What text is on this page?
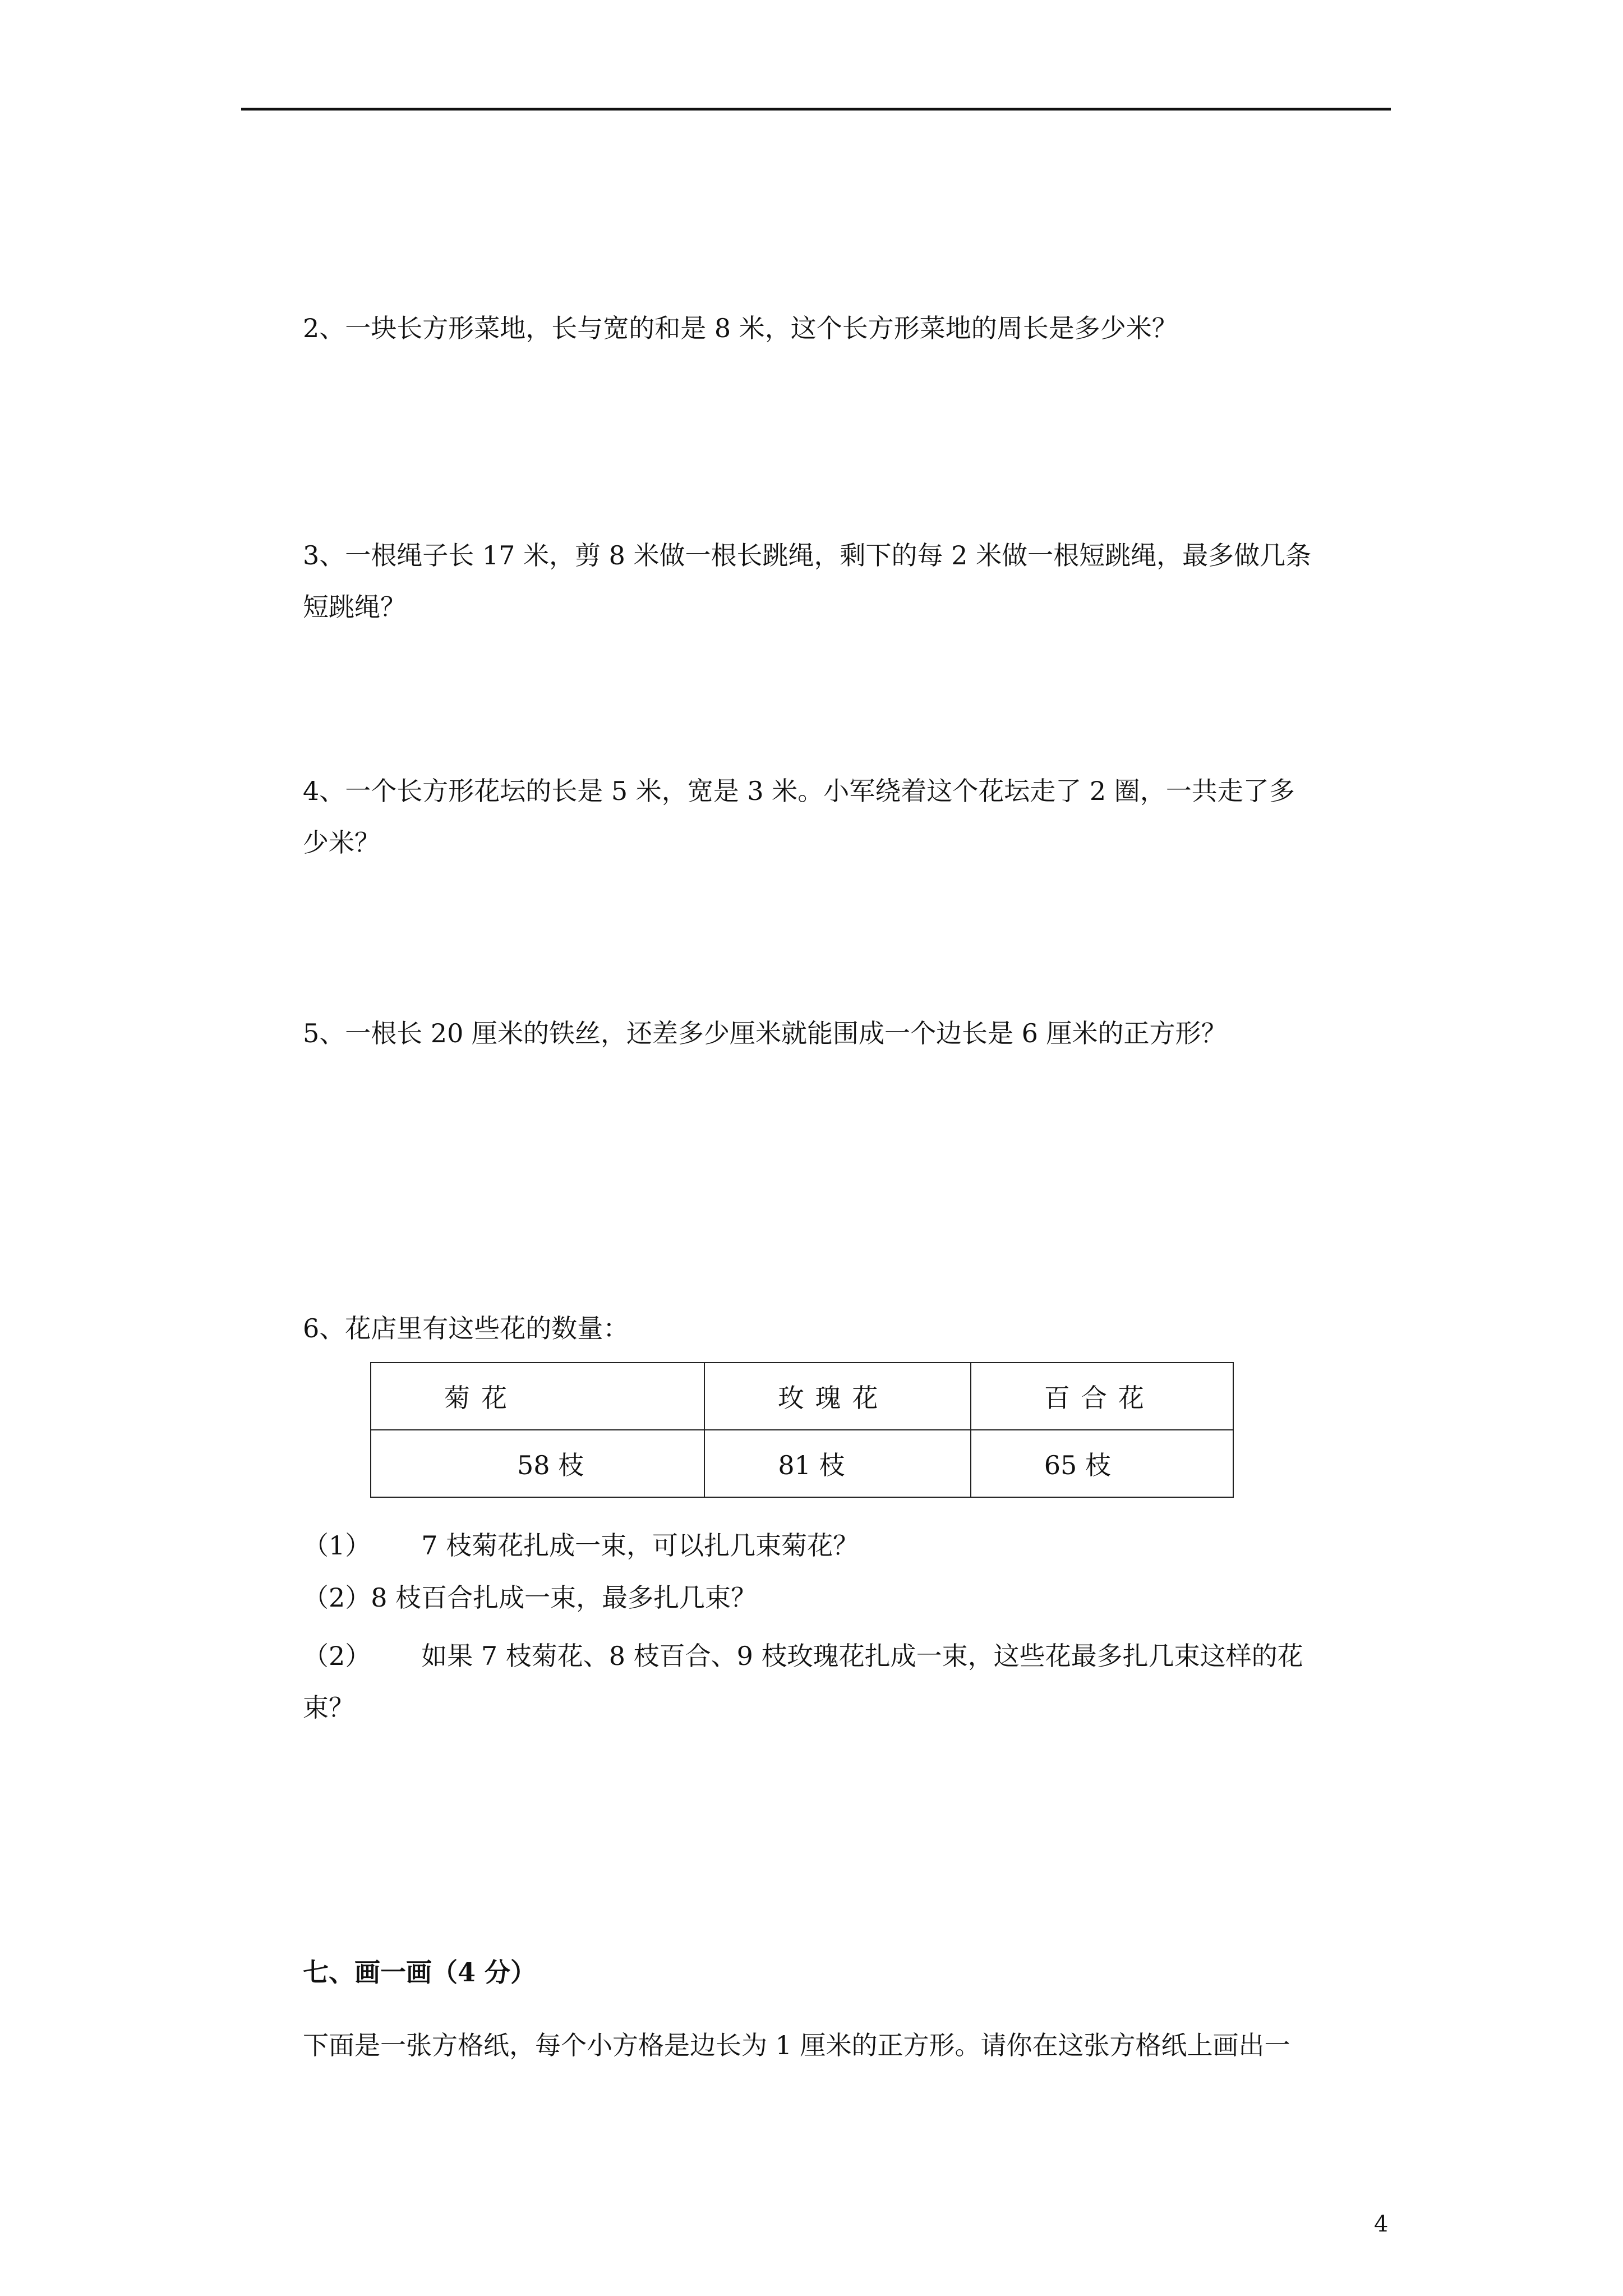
2、一块长方形菜地，长与宽的和是 8 米，这个长方形菜地的周长是多少米？
3、一根绳子长 17 米，剪 8 米做一根长跳绳，剩下的每 2 米做一根短跳绳，最多做几条
短跳绳？
4、一个长方形花坛的长是 5 米，宽是 3 米。小军绕着这个花坛走了 2 圈，一共走了多
少米？
5、一根长 20 厘米的铁丝，还差多少厘米就能围成一个边长是 6 厘米的正方形？
6、花店里有这些花的数量：
菊花	玫瑰花	百合花
58 枝	81 枝	65 枝
（1） 7 枝菊花扎成一束，可以扎几束菊花？
（2）8 枝百合扎成一束，最多扎几束？
（2） 如果 7 枝菊花、8 枝百合、9 枝玫瑰花扎成一束，这些花最多扎几束这样的花
束？
七、画一画（4 分）
下面是一张方格纸，每个小方格是边长为 1 厘米的正方形。请你在这张方格纸上画出一
4
